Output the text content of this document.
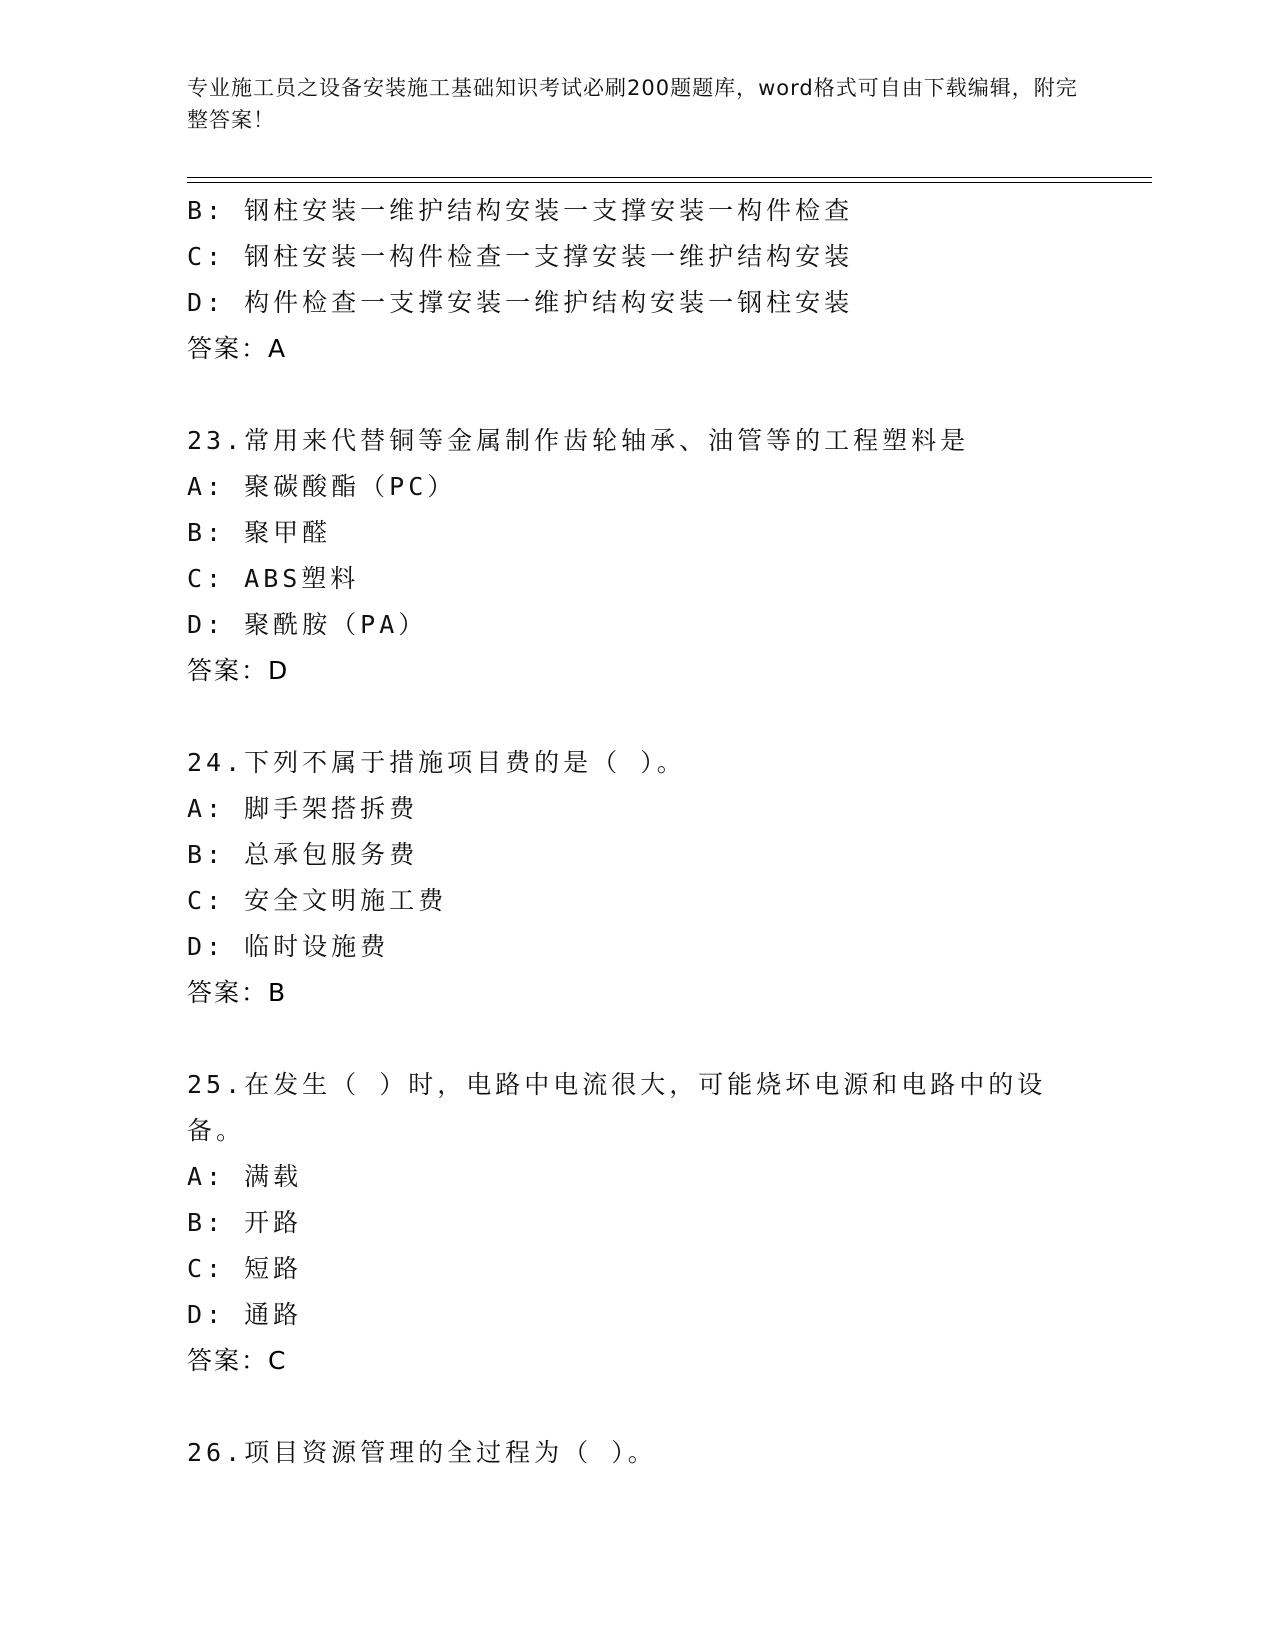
专业施工员之设备安装施工基础知识考试必刷200题题库，word格式可自由下载编辑，附完整答案！
B: 钢柱安装一维护结构安装一支撑安装一构件检查
C: 钢柱安装一构件检查一支撑安装一维护结构安装
D: 构件检查一支撑安装一维护结构安装一钢柱安装
答案：A
23.常用来代替铜等金属制作齿轮轴承、油管等的工程塑料是
A: 聚碳酸酯（PC）
B: 聚甲醛
C: ABS塑料
D: 聚酰胺（PA）
答案：D
24.下列不属于措施项目费的是（ ）。
A: 脚手架搭拆费
B: 总承包服务费
C: 安全文明施工费
D: 临时设施费
答案：B
25.在发生（ ）时，电路中电流很大，可能烧坏电源和电路中的设备。
A: 满载
B: 开路
C: 短路
D: 通路
答案：C
26.项目资源管理的全过程为（ ）。
